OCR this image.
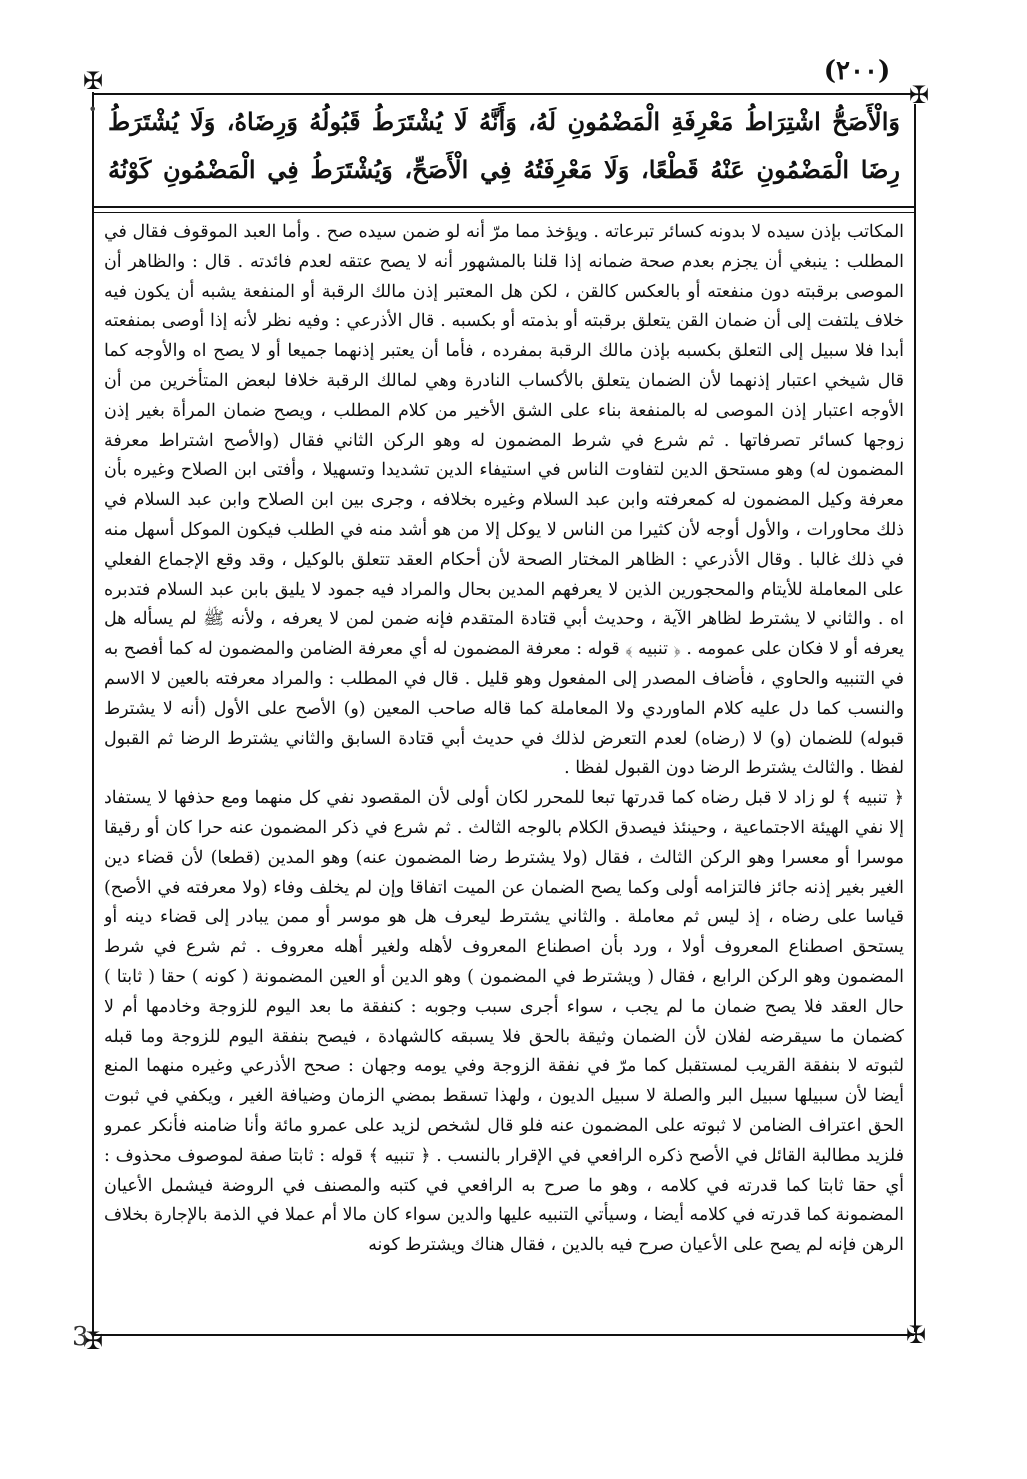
(٢٠٠)
✠	✠
✠	✠
•	وَالْأَصَحُّ اشْتِرَاطُ مَعْرِفَةِ الْمَضْمُونِ لَهُ، وَأَنَّهُ لَا يُشْتَرَطُ قَبُولُهُ وَرِضَاهُ، وَلَا يُشْتَرَطُ رِضَا الْمَضْمُونِ عَنْهُ قَطْعًا، وَلَا مَعْرِفَتُهُ فِي الْأَصَحِّ، وَيُشْتَرَطُ فِي الْمَضْمُونِ كَوْنُهُ

المكاتب بإذن سيده لا بدونه كسائر تبرعاته . ويؤخذ مما مرّ أنه لو ضمن سيده صح . وأما العبد الموقوف فقال في المطلب : ينبغي أن يجزم بعدم صحة ضمانه إذا قلنا بالمشهور أنه لا يصح عتقه لعدم فائدته . قال : والظاهر أن الموصى برقبته دون منفعته أو بالعكس كالقن ، لكن هل المعتبر إذن مالك الرقبة أو المنفعة يشبه أن يكون فيه خلاف يلتفت إلى أن ضمان القن يتعلق برقبته أو بذمته أو بكسبه . قال الأذرعي : وفيه نظر لأنه إذا أوصى بمنفعته أبدا فلا سبيل إلى التعلق بكسبه بإذن مالك الرقبة بمفرده ، فأما أن يعتبر إذنهما جميعا أو لا يصح اه والأوجه كما قال شيخي اعتبار إذنهما لأن الضمان يتعلق بالأكساب النادرة وهي لمالك الرقبة خلافا لبعض المتأخرين من أن الأوجه اعتبار إذن الموصى له بالمنفعة بناء على الشق الأخير من كلام المطلب ، ويصح ضمان المرأة بغير إذن زوجها كسائر تصرفاتها . ثم شرع في شرط المضمون له وهو الركن الثاني فقال (والأصح اشتراط معرفة المضمون له) وهو مستحق الدين لتفاوت الناس في استيفاء الدين تشديدا وتسهيلا ، وأفتى ابن الصلاح وغيره بأن معرفة وكيل المضمون له كمعرفته وابن عبد السلام وغيره بخلافه ، وجرى بين ابن الصلاح وابن عبد السلام في ذلك محاورات ، والأول أوجه لأن كثيرا من الناس لا يوكل إلا من هو أشد منه في الطلب فيكون الموكل أسهل منه في ذلك غالبا . وقال الأذرعي : الظاهر المختار الصحة لأن أحكام العقد تتعلق بالوكيل ، وقد وقع الإجماع الفعلي على المعاملة للأيتام والمحجورين الذين لا يعرفهم المدين بحال والمراد فيه جمود لا يليق بابن عبد السلام فتدبره اه . والثاني لا يشترط لظاهر الآية ، وحديث أبي قتادة المتقدم فإنه ضمن لمن لا يعرفه ، ولأنه ﷺ لم يسأله هل يعرفه أو لا فكان على عمومه . ﴿ تنبيه ﴾ قوله : معرفة المضمون له أي معرفة الضامن والمضمون له كما أفصح به في التنبيه والحاوي ، فأضاف المصدر إلى المفعول وهو قليل . قال في المطلب : والمراد معرفته بالعين لا الاسم والنسب كما دل عليه كلام الماوردي ولا المعاملة كما قاله صاحب المعين (و) الأصح على الأول (أنه لا يشترط قبوله) للضمان (و) لا (رضاه) لعدم التعرض لذلك في حديث أبي قتادة السابق والثاني يشترط الرضا ثم القبول لفظا . والثالث يشترط الرضا دون القبول لفظا .

﴿ تنبيه ﴾ لو زاد لا قبل رضاه كما قدرتها تبعا للمحرر لكان أولى لأن المقصود نفي كل منهما ومع حذفها لا يستفاد إلا نفي الهيئة الاجتماعية ، وحينئذ فيصدق الكلام بالوجه الثالث . ثم شرع في ذكر المضمون عنه حرا كان أو رقيقا موسرا أو معسرا وهو الركن الثالث ، فقال (ولا يشترط رضا المضمون عنه) وهو المدين (قطعا) لأن قضاء دين الغير بغير إذنه جائز فالتزامه أولى وكما يصح الضمان عن الميت اتفاقا وإن لم يخلف وفاء (ولا معرفته في الأصح) قياسا على رضاه ، إذ ليس ثم معاملة . والثاني يشترط ليعرف هل هو موسر أو ممن يبادر إلى قضاء دينه أو يستحق اصطناع المعروف أولا ، ورد بأن اصطناع المعروف لأهله ولغير أهله معروف . ثم شرع في شرط المضمون وهو الركن الرابع ، فقال ( ويشترط في المضمون ) وهو الدين أو العين المضمونة ( كونه ) حقا ( ثابتا ) حال العقد فلا يصح ضمان ما لم يجب ، سواء أجرى سبب وجوبه : كنفقة ما بعد اليوم للزوجة وخادمها أم لا كضمان ما سيقرضه لفلان لأن الضمان وثيقة بالحق فلا يسبقه كالشهادة ، فيصح بنفقة اليوم للزوجة وما قبله لثبوته لا بنفقة القريب لمستقبل كما مرّ في نفقة الزوجة وفي يومه وجهان : صحح الأذرعي وغيره منهما المنع أيضا لأن سبيلها سبيل البر والصلة لا سبيل الديون ، ولهذا تسقط بمضي الزمان وضيافة الغير ، ويكفي في ثبوت الحق اعتراف الضامن لا ثبوته على المضمون عنه فلو قال لشخص لزيد على عمرو مائة وأنا ضامنه فأنكر عمرو فلزيد مطالبة القائل في الأصح ذكره الرافعي في الإقرار بالنسب . ﴿ تنبيه ﴾ قوله : ثابتا صفة لموصوف محذوف : أي حقا ثابتا كما قدرته في كلامه ، وهو ما صرح به الرافعي في كتبه والمصنف في الروضة فيشمل الأعيان المضمونة كما قدرته في كلامه أيضا ، وسيأتي التنبيه عليها والدين سواء كان مالا أم عملا في الذمة بالإجارة بخلاف الرهن فإنه لم يصح على الأعيان صرح فيه بالدين ، فقال هناك ويشترط كونه

3
